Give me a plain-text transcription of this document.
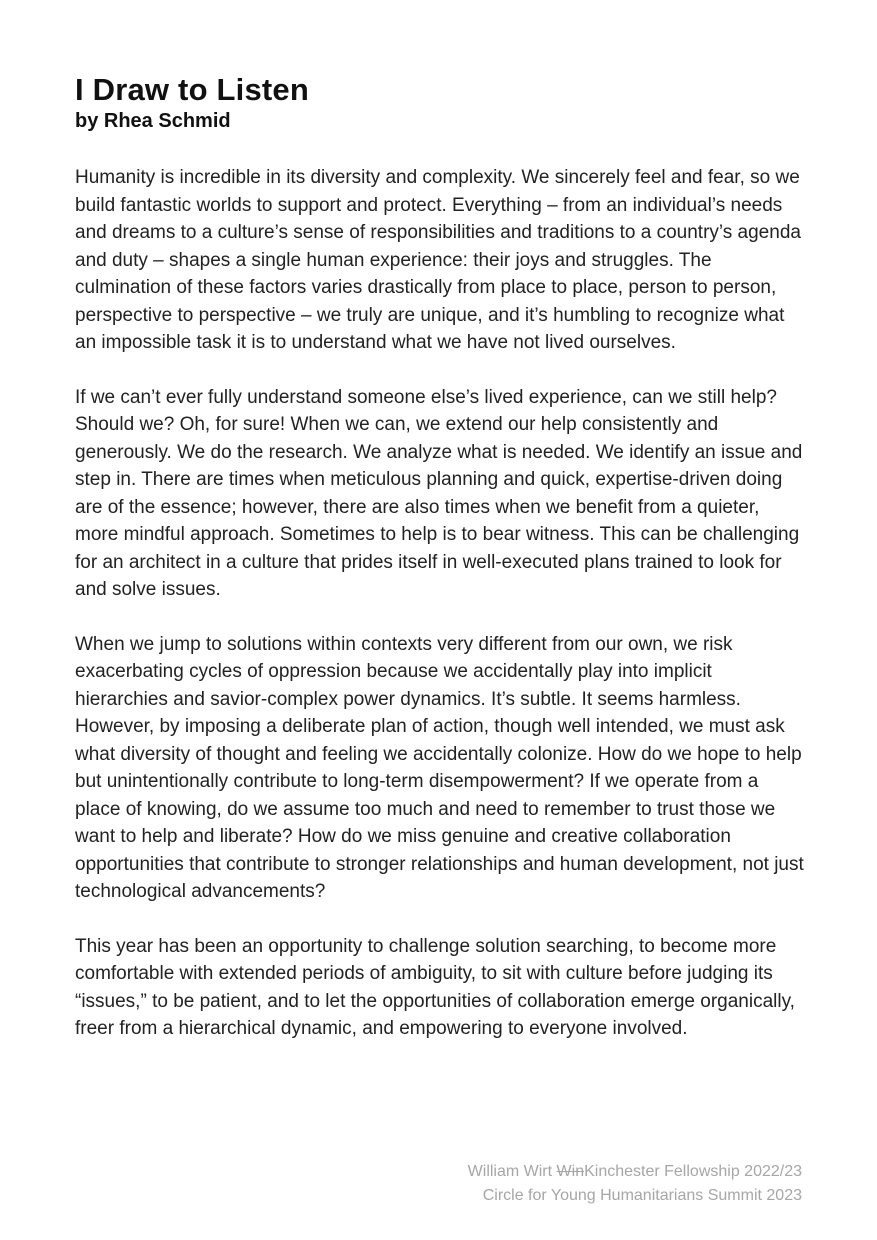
I Draw to Listen
by Rhea Schmid

Humanity is incredible in its diversity and complexity. We sincerely feel and fear, so we build fantastic worlds to support and protect. Everything – from an individual’s needs and dreams to a culture’s sense of responsibilities and traditions to a country’s agenda and duty – shapes a single human experience: their joys and struggles. The culmination of these factors varies drastically from place to place, person to person, perspective to perspective – we truly are unique, and it’s humbling to recognize what an impossible task it is to understand what we have not lived ourselves.

If we can’t ever fully understand someone else’s lived experience, can we still help? Should we? Oh, for sure! When we can, we extend our help consistently and generously. We do the research. We analyze what is needed. We identify an issue and step in. There are times when meticulous planning and quick, expertise-driven doing are of the essence; however, there are also times when we benefit from a quieter, more mindful approach. Sometimes to help is to bear witness. This can be challenging for an architect in a culture that prides itself in well-executed plans trained to look for and solve issues.

When we jump to solutions within contexts very different from our own, we risk exacerbating cycles of oppression because we accidentally play into implicit hierarchies and savior-complex power dynamics. It’s subtle. It seems harmless. However, by imposing a deliberate plan of action, though well intended, we must ask what diversity of thought and feeling we accidentally colonize. How do we hope to help but unintentionally contribute to long-term disempowerment? If we operate from a place of knowing, do we assume too much and need to remember to trust those we want to help and liberate? How do we miss genuine and creative collaboration opportunities that contribute to stronger relationships and human development, not just technological advancements?

This year has been an opportunity to challenge solution searching, to become more comfortable with extended periods of ambiguity, to sit with culture before judging its “issues,” to be patient, and to let the opportunities of collaboration emerge organically, freer from a hierarchical dynamic, and empowering to everyone involved.

William Wirt WinKinchester Fellowship 2022/23
Circle for Young Humanitarians Summit 2023
